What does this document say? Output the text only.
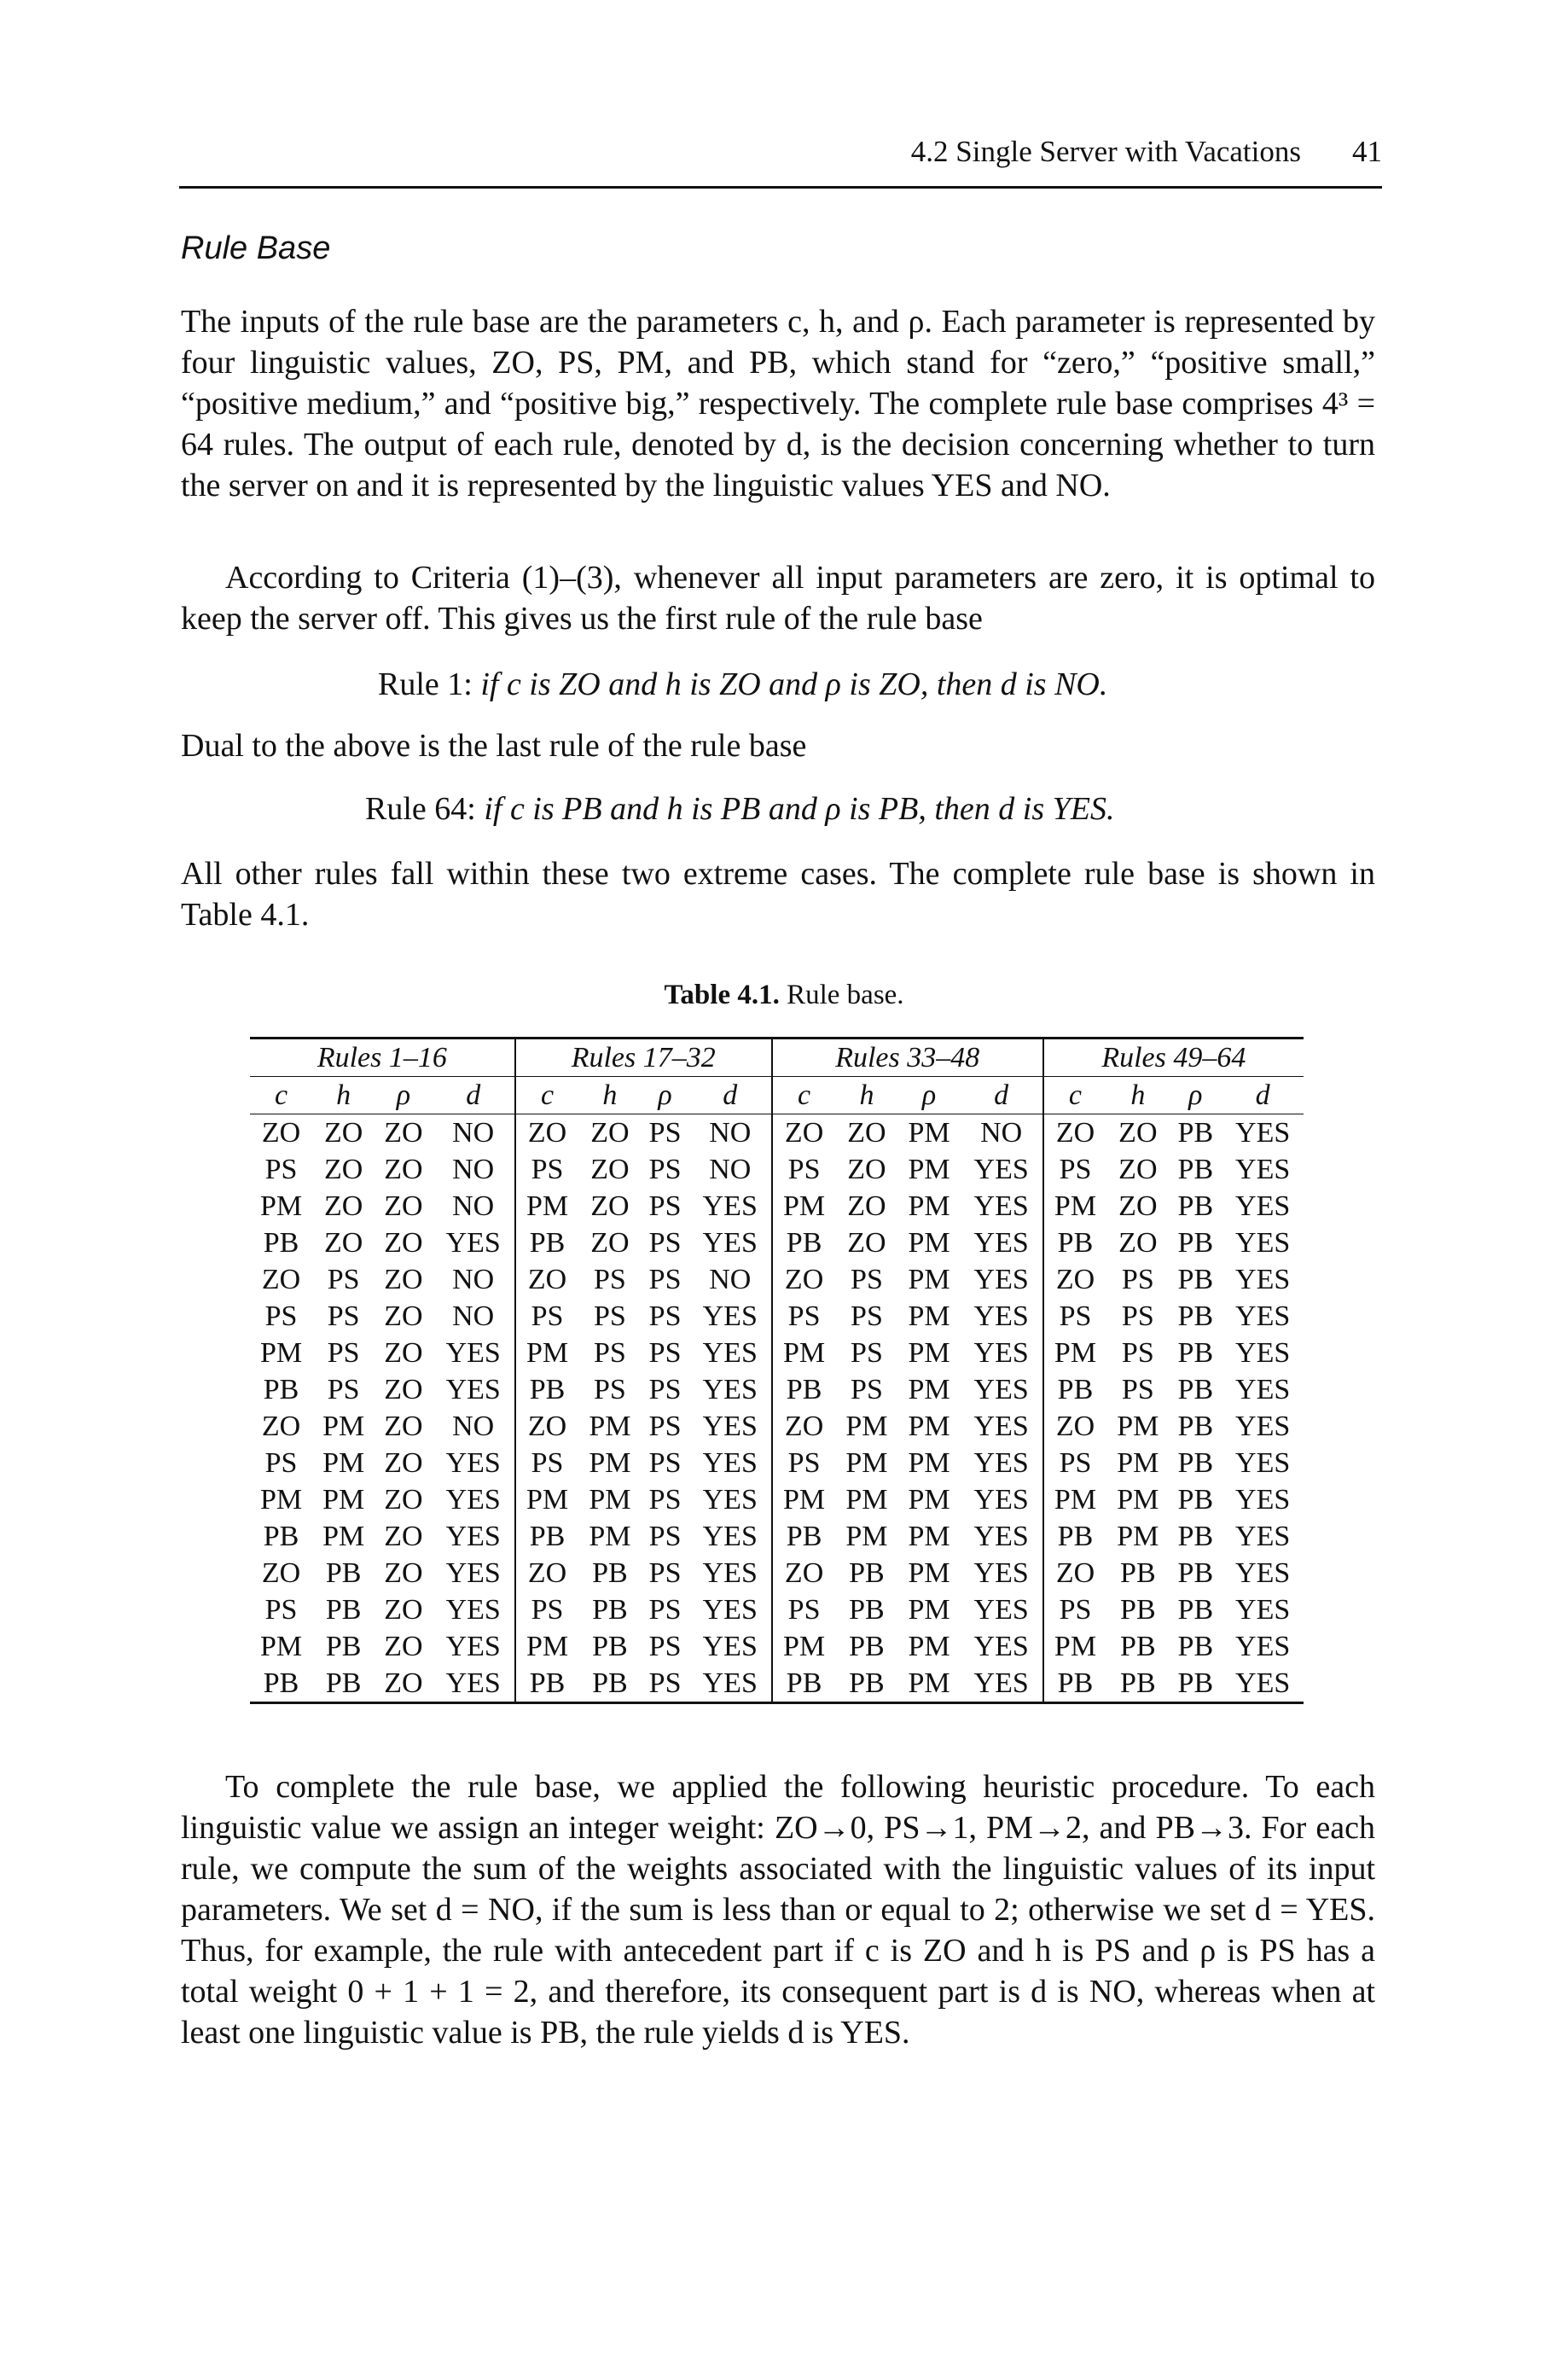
4.2 Single Server with Vacations 41
Rule Base

The inputs of the rule base are the parameters c, h, and ρ. Each parameter is represented by four linguistic values, ZO, PS, PM, and PB, which stand for “zero,” “positive small,” “positive medium,” and “positive big,” respectively. The complete rule base comprises 4³ = 64 rules. The output of each rule, denoted by d, is the decision concerning whether to turn the server on and it is represented by the linguistic values YES and NO.

According to Criteria (1)–(3), whenever all input parameters are zero, it is optimal to keep the server off. This gives us the first rule of the rule base

Rule 1: if c is ZO and h is ZO and ρ is ZO, then d is NO.

Dual to the above is the last rule of the rule base

Rule 64: if c is PB and h is PB and ρ is PB, then d is YES.

All other rules fall within these two extreme cases. The complete rule base is shown in Table 4.1.

Table 4.1. Rule base.
Rules 1–16				Rules 17–32				Rules 33–48				Rules 49–64			
c	h	ρ	d	c	h	ρ	d	c	h	ρ	d	c	h	ρ	d
ZO	ZO	ZO	NO	ZO	ZO	PS	NO	ZO	ZO	PM	NO	ZO	ZO	PB	YES
PS	ZO	ZO	NO	PS	ZO	PS	NO	PS	ZO	PM	YES	PS	ZO	PB	YES
PM	ZO	ZO	NO	PM	ZO	PS	YES	PM	ZO	PM	YES	PM	ZO	PB	YES
PB	ZO	ZO	YES	PB	ZO	PS	YES	PB	ZO	PM	YES	PB	ZO	PB	YES
ZO	PS	ZO	NO	ZO	PS	PS	NO	ZO	PS	PM	YES	ZO	PS	PB	YES
PS	PS	ZO	NO	PS	PS	PS	YES	PS	PS	PM	YES	PS	PS	PB	YES
PM	PS	ZO	YES	PM	PS	PS	YES	PM	PS	PM	YES	PM	PS	PB	YES
PB	PS	ZO	YES	PB	PS	PS	YES	PB	PS	PM	YES	PB	PS	PB	YES
ZO	PM	ZO	NO	ZO	PM	PS	YES	ZO	PM	PM	YES	ZO	PM	PB	YES
PS	PM	ZO	YES	PS	PM	PS	YES	PS	PM	PM	YES	PS	PM	PB	YES
PM	PM	ZO	YES	PM	PM	PS	YES	PM	PM	PM	YES	PM	PM	PB	YES
PB	PM	ZO	YES	PB	PM	PS	YES	PB	PM	PM	YES	PB	PM	PB	YES
ZO	PB	ZO	YES	ZO	PB	PS	YES	ZO	PB	PM	YES	ZO	PB	PB	YES
PS	PB	ZO	YES	PS	PB	PS	YES	PS	PB	PM	YES	PS	PB	PB	YES
PM	PB	ZO	YES	PM	PB	PS	YES	PM	PB	PM	YES	PM	PB	PB	YES
PB	PB	ZO	YES	PB	PB	PS	YES	PB	PB	PM	YES	PB	PB	PB	YES

To complete the rule base, we applied the following heuristic procedure. To each linguistic value we assign an integer weight: ZO→0, PS→1, PM→2, and PB→3. For each rule, we compute the sum of the weights associated with the linguistic values of its input parameters. We set d = NO, if the sum is less than or equal to 2; otherwise we set d = YES. Thus, for example, the rule with antecedent part if c is ZO and h is PS and ρ is PS has a total weight 0 + 1 + 1 = 2, and therefore, its consequent part is d is NO, whereas when at least one linguistic value is PB, the rule yields d is YES.
